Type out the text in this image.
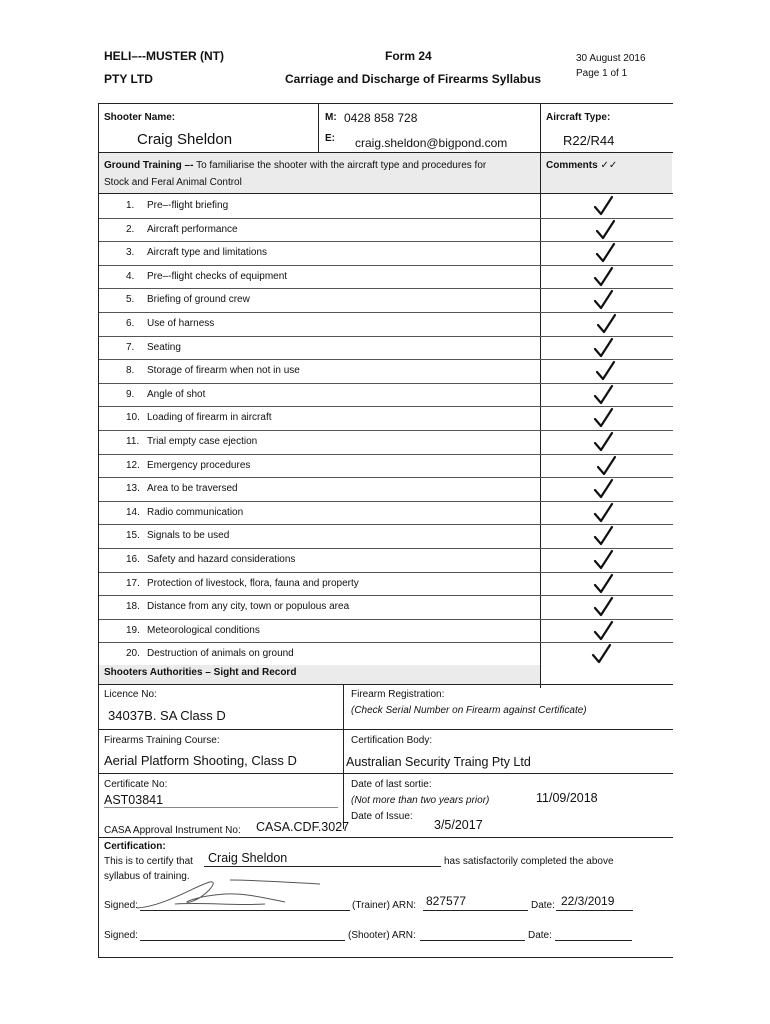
HELI–--MUSTER (NT)
PTY LTD
Form 24
Carriage and Discharge of Firearms Syllabus
30 August 2016
Page 1 of 1
Shooter Name:
Craig Sheldon
M: 0428 858 728
E: craig.sheldon@bigpond.com
Aircraft Type:
R22/R44
Ground Training –- To familiarise the shooter with the aircraft type and procedures for
Stock and Feral Animal Control
Comments ✓✓
1. Pre–-flight briefing
2. Aircraft performance
3. Aircraft type and limitations
4. Pre–-flight checks of equipment
5. Briefing of ground crew
6. Use of harness
7. Seating
8. Storage of firearm when not in use
9. Angle of shot
10. Loading of firearm in aircraft
11. Trial empty case ejection
12. Emergency procedures
13. Area to be traversed
14. Radio communication
15. Signals to be used
16. Safety and hazard considerations
17. Protection of livestock, flora, fauna and property
18. Distance from any city, town or populous area
19. Meteorological conditions
20. Destruction of animals on ground
Shooters Authorities – Sight and Record
Licence No:
34037B. SA Class D
Firearm Registration:
(Check Serial Number on Firearm against Certificate)
Firearms Training Course:
Aerial Platform Shooting, Class D
Certification Body:
Australian Security Traing Pty Ltd
Certificate No:
AST03841
Date of last sortie:
(Not more than two years prior)	11/09/2018
Date of Issue:
3/5/2017
CASA Approval Instrument No: CASA.CDF.3027
Certification:
This is to certify that Craig Sheldon	has satisfactorily completed the above
syllabus of training.
Signed:	(Trainer) ARN: 827577	Date: 22/3/2019
Signed:	(Shooter) ARN:	Date:
